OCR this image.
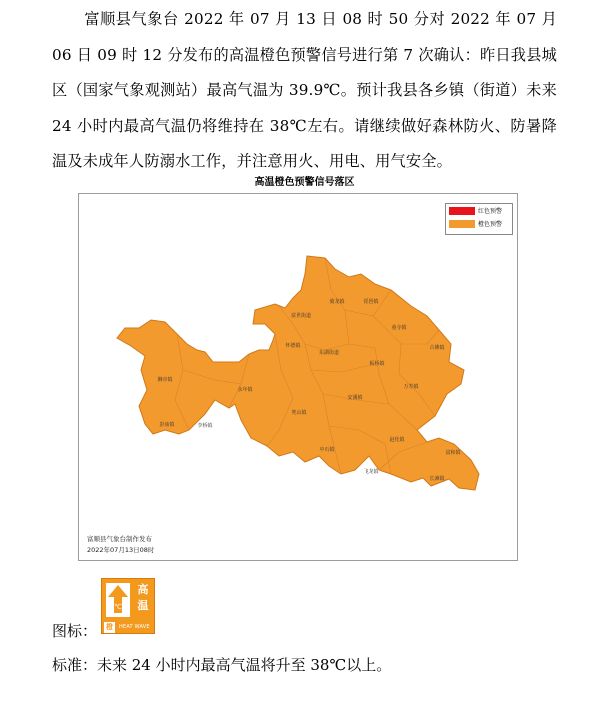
富顺县气象台 2022 年 07 月 13 日 08 时 50 分对 2022 年 07 月 06 日 09 时 12 分发布的高温橙色预警信号进行第 7 次确认：昨日我县城区（国家气象观测站）最高气温为 39.9℃。预计我县各乡镇（街道）未来 24 小时内最高气温仍将维持在 38℃左右。请继续做好森林防火、防暑降温及未成年人防溺水工作，并注意用火、用电、用气安全。
高温橙色预警信号落区
红色预警
橙色预警
骑龙镇	琵琶镇
富世街道
东湖街道
童寺镇
古佛镇
狮市镇
怀德镇
永年镇
彭庙镇
赵化镇
安溪镇
中石镇
板桥镇
李桥镇
兜山镇
飞龙镇
长滩镇
万寿镇
富和镇
富顺县气象台制作发布
2022年07月13日08时
图标：
℃
高温
橙	HEAT WAVE
标准：未来 24 小时内最高气温将升至 38℃以上。
